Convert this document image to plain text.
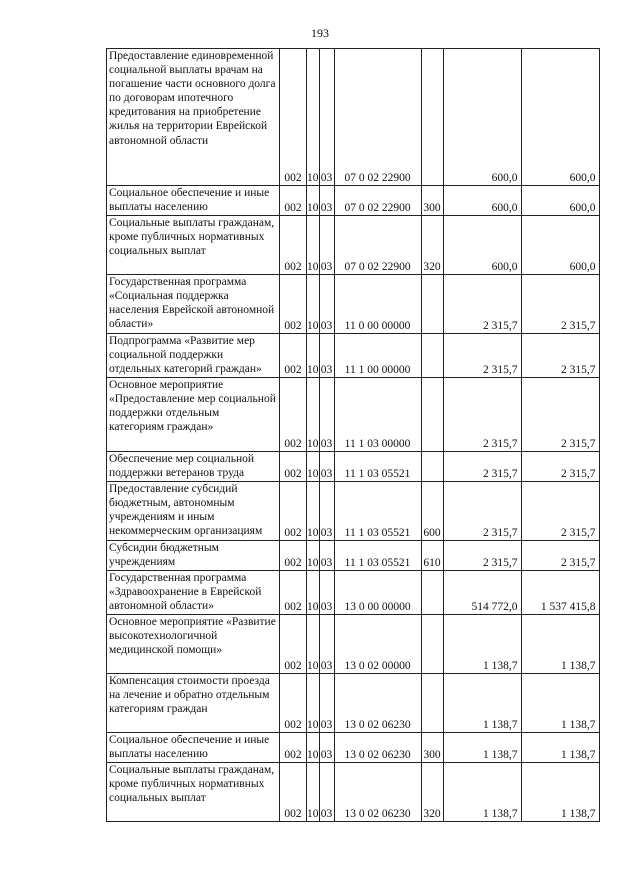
193
Предоставление единовременной социальной выплаты врачам на погашение части основного долга по договорам ипотечного кредитования на приобретение жилья на территории Еврейской автономной области	002	10	03	07 0 02 22900		600,0	600,0
Социальное обеспечение и иные выплаты населению	002	10	03	07 0 02 22900	300	600,0	600,0
Социальные выплаты гражданам, кроме публичных нормативных социальных выплат	002	10	03	07 0 02 22900	320	600,0	600,0
Государственная программа «Социальная поддержка населения Еврейской автономной области»	002	10	03	11 0 00 00000		2 315,7	2 315,7
Подпрограмма «Развитие мер социальной поддержки отдельных категорий граждан»	002	10	03	11 1 00 00000		2 315,7	2 315,7
Основное мероприятие «Предоставление мер социальной поддержки отдельным категориям граждан»	002	10	03	11 1 03 00000		2 315,7	2 315,7
Обеспечение мер социальной поддержки ветеранов труда	002	10	03	11 1 03 05521		2 315,7	2 315,7
Предоставление субсидий бюджетным, автономным учреждениям и иным некоммерческим организациям	002	10	03	11 1 03 05521	600	2 315,7	2 315,7
Субсидии бюджетным учреждениям	002	10	03	11 1 03 05521	610	2 315,7	2 315,7
Государственная программа «Здравоохранение в Еврейской автономной области»	002	10	03	13 0 00 00000		514 772,0	1 537 415,8
Основное мероприятие «Развитие высокотехнологичной медицинской помощи»	002	10	03	13 0 02 00000		1 138,7	1 138,7
Компенсация стоимости проезда на лечение и обратно отдельным категориям граждан	002	10	03	13 0 02 06230		1 138,7	1 138,7
Социальное обеспечение и иные выплаты населению	002	10	03	13 0 02 06230	300	1 138,7	1 138,7
Социальные выплаты гражданам, кроме публичных нормативных социальных выплат	002	10	03	13 0 02 06230	320	1 138,7	1 138,7
